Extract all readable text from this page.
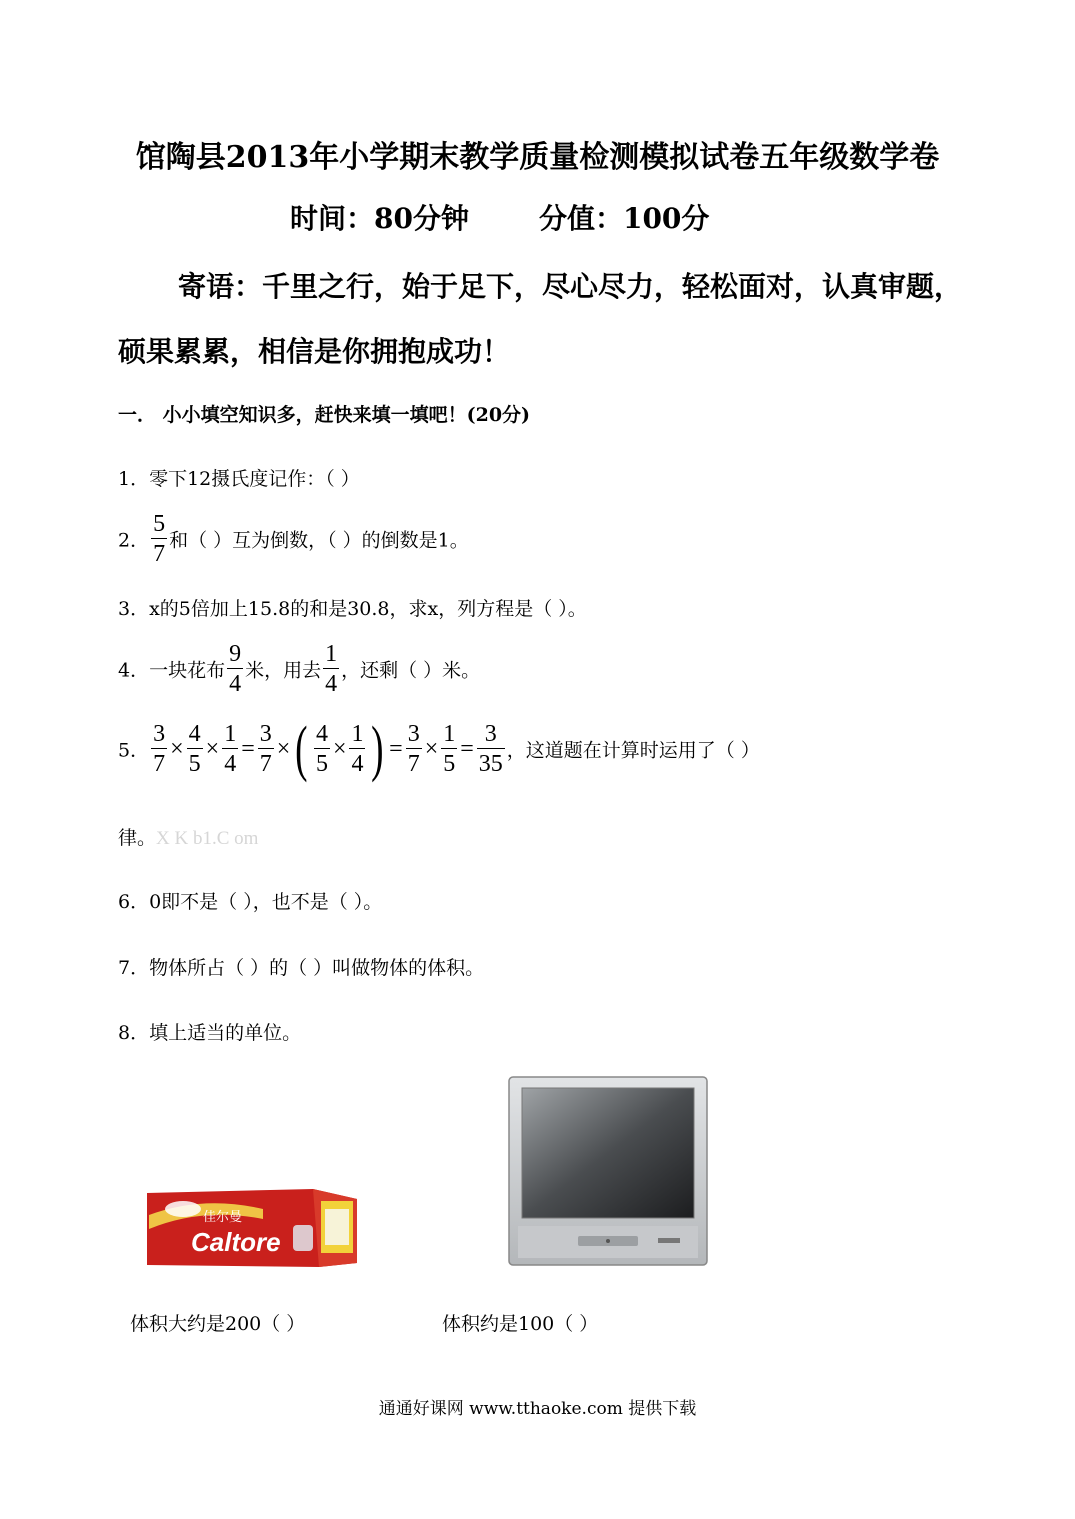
馆陶县2013年小学期末教学质量检测模拟试卷五年级数学卷
时间：80分钟	分值：100分
寄语：千里之行，始于足下，尽心尽力，轻松面对，认真审题，
硕果累累，相信是你拥抱成功！
一． 小小填空知识多，赶快来填一填吧！(20分)
1．零下12摄氏度记作：（ ）
2． $\frac{5}{7}$ 和（ ）互为倒数，（ ）的倒数是1。
3．x的5倍加上15.8的和是30.8，求x，列方程是（ ）。
4．一块花布 $\frac{9}{4}$ 米，用去 $\frac{1}{4}$ ，还剩（ ）米。
5． $\frac{3}{7} \times \frac{4}{5} \times \frac{1}{4} = \frac{3}{7}$ ×( $\frac{4}{5} \times \frac{1}{4}$ ) = $\frac{3}{7} \times \frac{1}{5} = \frac{3}{35}$ ，这道题在计算时运用了（ ）
律。X K b1.C om
6．0即不是（ ），也不是（ ）。
7．物体所占（ ）的（ ）叫做物体的体积。
8．填上适当的单位。
佳尔曼
Caltore
体积大约是200（ ）	体积约是100（ ）
通通好课网 www.tthaoke.com 提供下载
